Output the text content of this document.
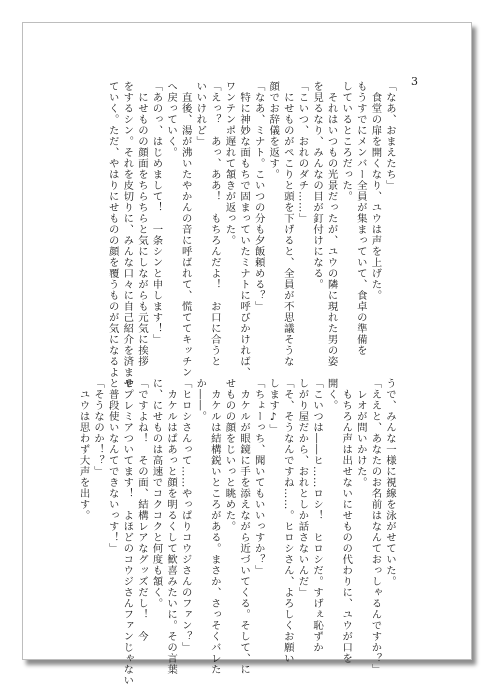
3
「なあ、おまえたち」
　食堂の扉を開くなり、ユウは声を上げた。
もうすでにメンバー全員が集まっていて、食卓の準備を
しているところだった。
　それはいつもの光景だったが、ユウの隣に現れた男の姿
を見るなり、みんなの目が釘付けになる。
「こいつ、おれのダチ……」
　にせものがぺこりと頭を下げると、全員が不思議そうな
顔でお辞儀を返す。
「なあ、ミナト。こいつの分も夕飯頼める？」
　特に神妙な面もちで固まっていたミナトに呼びかければ、
ワンテンポ遅れて頷きが返った。
「えっ？　あっ、ああ！　もちろんだよ！　お口に合うと
いいけれど」
　直後、湯が沸いたやかんの音に呼ばれて、慌ててキッチン
へ戻っていく。
「あのっ、はじめまして！　一条シンと申します！」
　にせものの顔面をちらちらと気にしながらも元気に挨拶
をするシン。それを皮切りに、みんな口々に自己紹介を済ませ
ていく。ただ、やはりにせものの顔を覆うものが気になるよ
うで、みんな一様に視線を泳がせていた。
「ええと、あなたのお名前はなんておっしゃるんですか？」
　レオが問いかけた。
　もちろん声は出せないにせものの代わりに、ユウが口を
開く。
「こいつは――ヒ……ロシ！　ヒロシだ。すげぇ恥ずか
しがり屋だから、おれとしか話さないんだ」
「そ、そうなんですね……。ヒロシさん、よろしくお願い
します♪」
「ちょーっち、聞いてもいいっすか？」
　カケルが眼鏡に手を添えながら近づいてくる。そして、に
せものの顔をじいっと眺めた。
　カケルは結構鋭いところがある。まさか、さっそくバレた
か――。
「ヒロシさんって……やっぱりコウジさんのファン？」
　カケルはぱあっと顔を明るくして歓喜みたいに。その言葉
に、にせものは高速でコクコクと何度も頷く。
「ですよね！　その面、結構レアなグッズだし！　今
やプレミアついてます！　よほどのコウジさんファンじゃない
と普段使いなんてできないっす！」
「そうなのか！？」
　ユウは思わず大声を出す。
